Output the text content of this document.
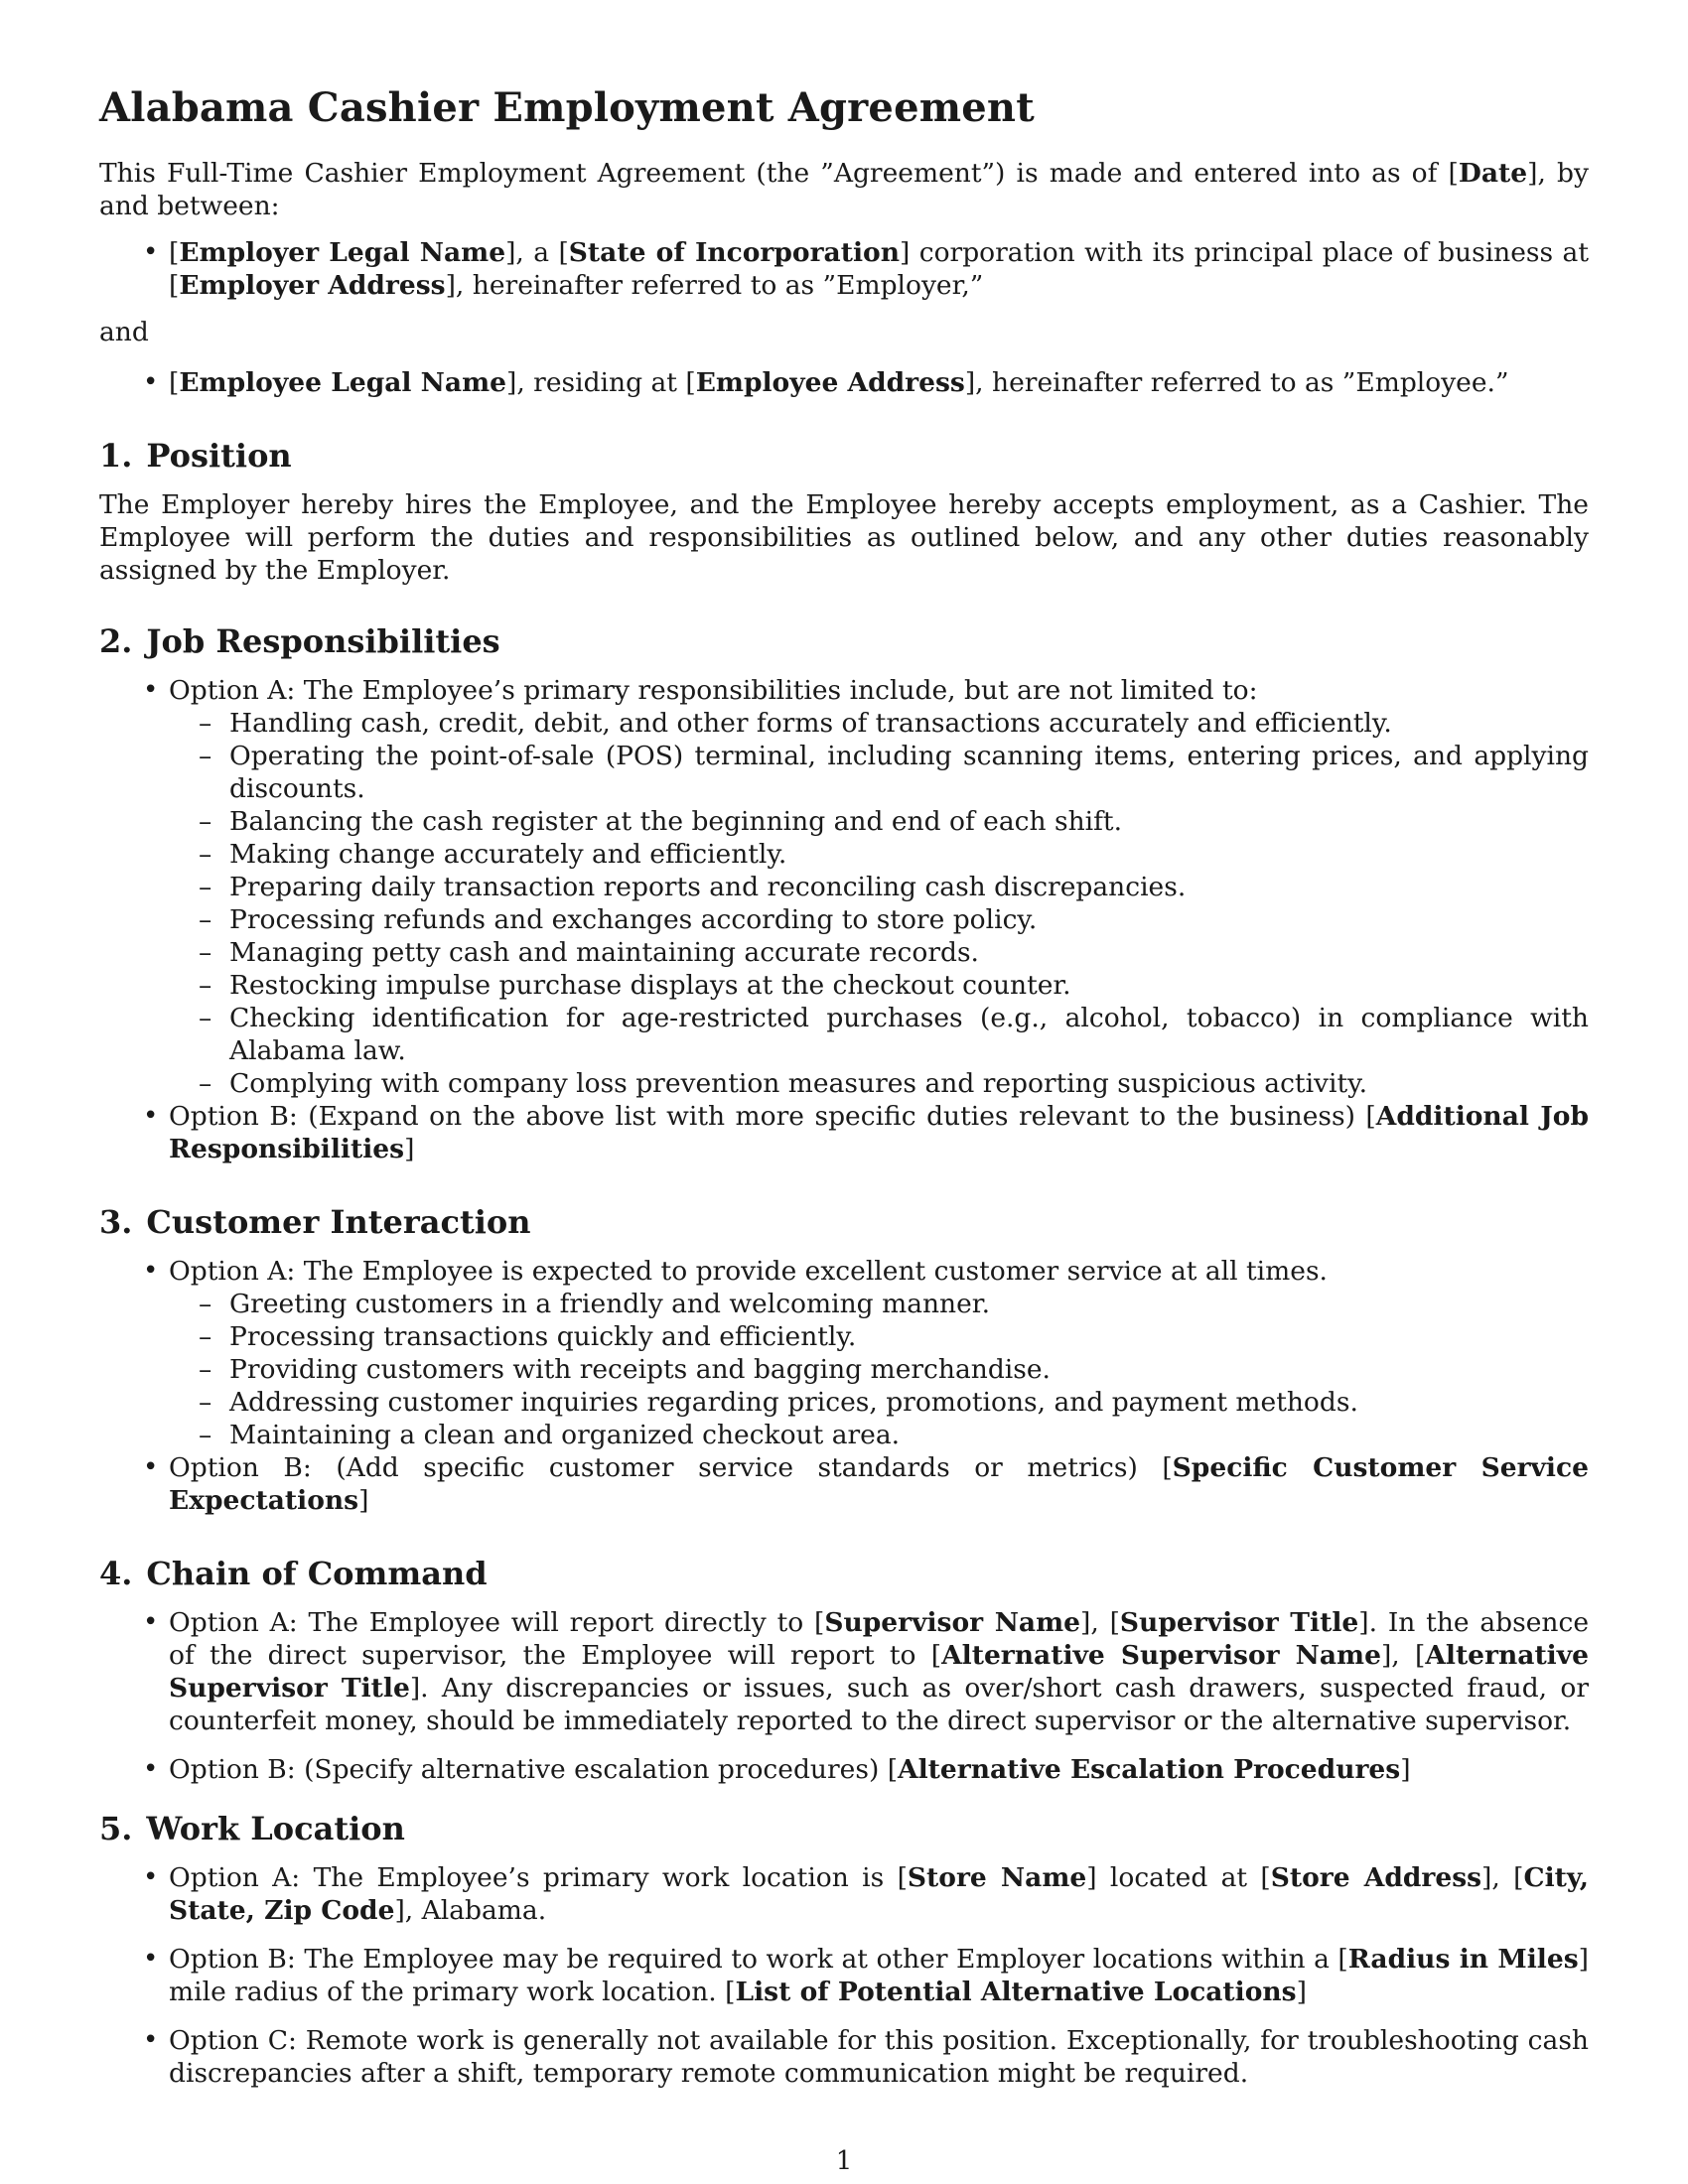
Alabama Cashier Employment Agreement

This Full-Time Cashier Employment Agreement (the ”Agreement”) is made and entered into as of [Date], by and between:

• [Employer Legal Name], a [State of Incorporation] corporation with its principal place of business at [Employer Address], hereinafter referred to as ”Employer,”
and
• [Employee Legal Name], residing at [Employee Address], hereinafter referred to as ”Employee.”
1. Position

The Employer hereby hires the Employee, and the Employee hereby accepts employment, as a Cashier. The Employee will perform the duties and responsibilities as outlined below, and any other duties reasonably assigned by the Employer.

2. Job Responsibilities
• Option A: The Employee’s primary responsibilities include, but are not limited to:
– Handling cash, credit, debit, and other forms of transactions accurately and efficiently.
– Operating the point-of-sale (POS) terminal, including scanning items, entering prices, and applying discounts.
– Balancing the cash register at the beginning and end of each shift.
– Making change accurately and efficiently.
– Preparing daily transaction reports and reconciling cash discrepancies.
– Processing refunds and exchanges according to store policy.
– Managing petty cash and maintaining accurate records.
– Restocking impulse purchase displays at the checkout counter.
– Checking identification for age-restricted purchases (e.g., alcohol, tobacco) in compliance with Alabama law.
– Complying with company loss prevention measures and reporting suspicious activity.
• Option B: (Expand on the above list with more specific duties relevant to the business) [Additional Job Responsibilities]
3. Customer Interaction
• Option A: The Employee is expected to provide excellent customer service at all times.
– Greeting customers in a friendly and welcoming manner.
– Processing transactions quickly and efficiently.
– Providing customers with receipts and bagging merchandise.
– Addressing customer inquiries regarding prices, promotions, and payment methods.
– Maintaining a clean and organized checkout area.
• Option B: (Add specific customer service standards or metrics) [Specific Customer Service Expectations]
4. Chain of Command
• Option A: The Employee will report directly to [Supervisor Name], [Supervisor Title]. In the absence of the direct supervisor, the Employee will report to [Alternative Supervisor Name], [Alternative Supervisor Title]. Any discrepancies or issues, such as over/short cash drawers, suspected fraud, or counterfeit money, should be immediately reported to the direct supervisor or the alternative supervisor.
• Option B: (Specify alternative escalation procedures) [Alternative Escalation Procedures]
5. Work Location
• Option A: The Employee’s primary work location is [Store Name] located at [Store Address], [City, State, Zip Code], Alabama.
• Option B: The Employee may be required to work at other Employer locations within a [Radius in Miles] mile radius of the primary work location. [List of Potential Alternative Locations]
• Option C: Remote work is generally not available for this position. Exceptionally, for troubleshooting cash discrepancies after a shift, temporary remote communication might be required.
1
